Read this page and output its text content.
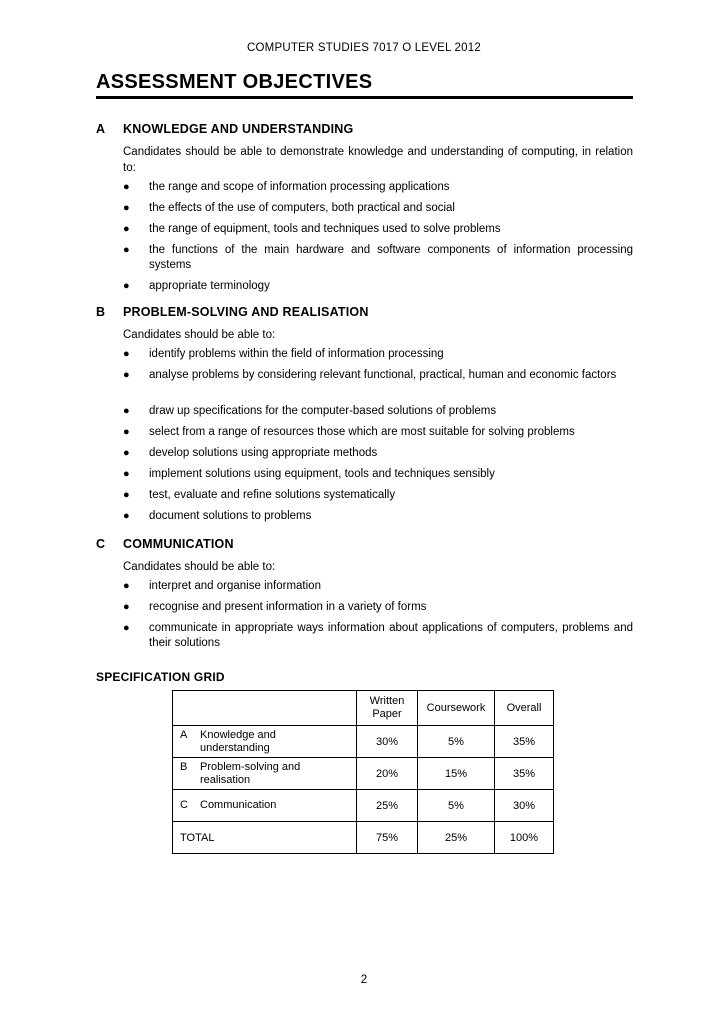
COMPUTER STUDIES 7017 O LEVEL 2012
ASSESSMENT OBJECTIVES
A KNOWLEDGE AND UNDERSTANDING
Candidates should be able to demonstrate knowledge and understanding of computing, in relation to:
●	the range and scope of information processing applications
●	the effects of the use of computers, both practical and social
●	the range of equipment, tools and techniques used to solve problems
●	the functions of the main hardware and software components of information processing systems
●	appropriate terminology
B PROBLEM-SOLVING AND REALISATION
Candidates should be able to:
●	identify problems within the field of information processing
●	analyse problems by considering relevant functional, practical, human and economic factors
●	draw up specifications for the computer-based solutions of problems
●	select from a range of resources those which are most suitable for solving problems
●	develop solutions using appropriate methods
●	implement solutions using equipment, tools and techniques sensibly
●	test, evaluate and refine solutions systematically
●	document solutions to problems
C COMMUNICATION
Candidates should be able to:
●	interpret and organise information
●	recognise and present information in a variety of forms
●	communicate in appropriate ways information about applications of computers, problems and their solutions
SPECIFICATION GRID
	Written Paper	Coursework	Overall

A Knowledge and understanding	30%	5%	35%

B Problem-solving and realisation	20%	15%	35%

C Communication	25%	5%	30%
TOTAL	75%	25%	100%
2
